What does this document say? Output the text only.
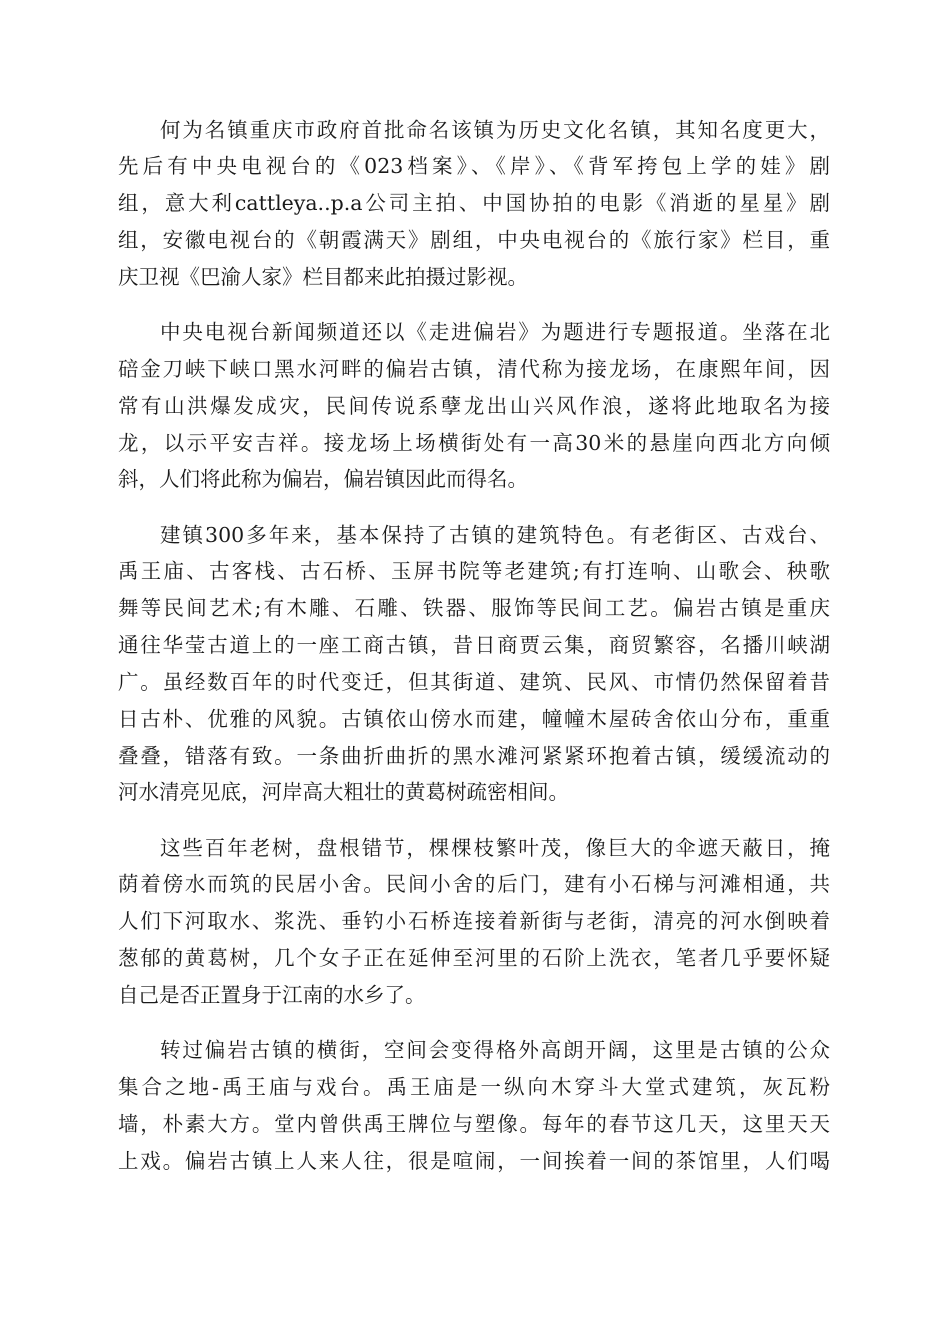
何为名镇重庆市政府首批命名该镇为历史文化名镇，其知名度更大，
先后有中央电视台的《023档案》、《岸》、《背军挎包上学的娃》剧
组，意大利cattleya..p.a公司主拍、中国协拍的电影《消逝的星星》剧
组，安徽电视台的《朝霞满天》剧组，中央电视台的《旅行家》栏目，重
庆卫视《巴渝人家》栏目都来此拍摄过影视。
中央电视台新闻频道还以《走进偏岩》为题进行专题报道。坐落在北
碚金刀峡下峡口黑水河畔的偏岩古镇，清代称为接龙场，在康熙年间，因
常有山洪爆发成灾，民间传说系孽龙出山兴风作浪，遂将此地取名为接
龙，以示平安吉祥。接龙场上场横街处有一高30米的悬崖向西北方向倾
斜，人们将此称为偏岩，偏岩镇因此而得名。
建镇300多年来，基本保持了古镇的建筑特色。有老街区、古戏台、
禹王庙、古客栈、古石桥、玉屏书院等老建筑;有打连响、山歌会、秧歌
舞等民间艺术;有木雕、石雕、铁器、服饰等民间工艺。偏岩古镇是重庆
通往华莹古道上的一座工商古镇，昔日商贾云集，商贸繁容，名播川峡湖
广。虽经数百年的时代变迁，但其街道、建筑、民风、市情仍然保留着昔
日古朴、优雅的风貌。古镇依山傍水而建，幢幢木屋砖舍依山分布，重重
叠叠，错落有致。一条曲折曲折的黑水滩河紧紧环抱着古镇，缓缓流动的
河水清亮见底，河岸高大粗壮的黄葛树疏密相间。
这些百年老树，盘根错节，棵棵枝繁叶茂，像巨大的伞遮天蔽日，掩
荫着傍水而筑的民居小舍。民间小舍的后门，建有小石梯与河滩相通，共
人们下河取水、浆洗、垂钓小石桥连接着新街与老街，清亮的河水倒映着
葱郁的黄葛树，几个女子正在延伸至河里的石阶上洗衣，笔者几乎要怀疑
自己是否正置身于江南的水乡了。
转过偏岩古镇的横街，空间会变得格外高朗开阔，这里是古镇的公众
集合之地-禹王庙与戏台。禹王庙是一纵向木穿斗大堂式建筑，灰瓦粉
墙，朴素大方。堂内曾供禹王牌位与塑像。每年的春节这几天，这里天天
上戏。偏岩古镇上人来人往，很是喧闹，一间挨着一间的茶馆里，人们喝
